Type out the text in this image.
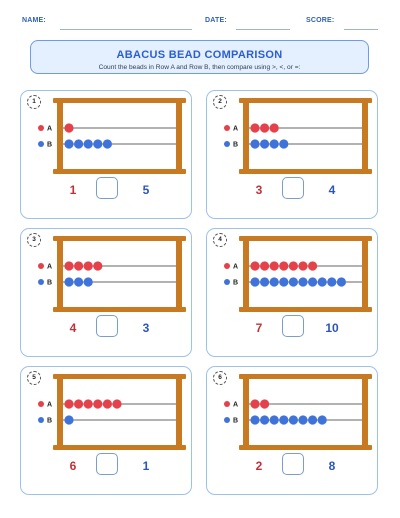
NAME:	DATE:	SCORE:
ABACUS BEAD COMPARISON
Count the beads in Row A and Row B, then compare using >, <, or =:
1
A
B
1	5
2
A
B
3	4
3
A
B
4	3
4
A
B
7	10
5
A
B
6	1
6
A
B
2	8
